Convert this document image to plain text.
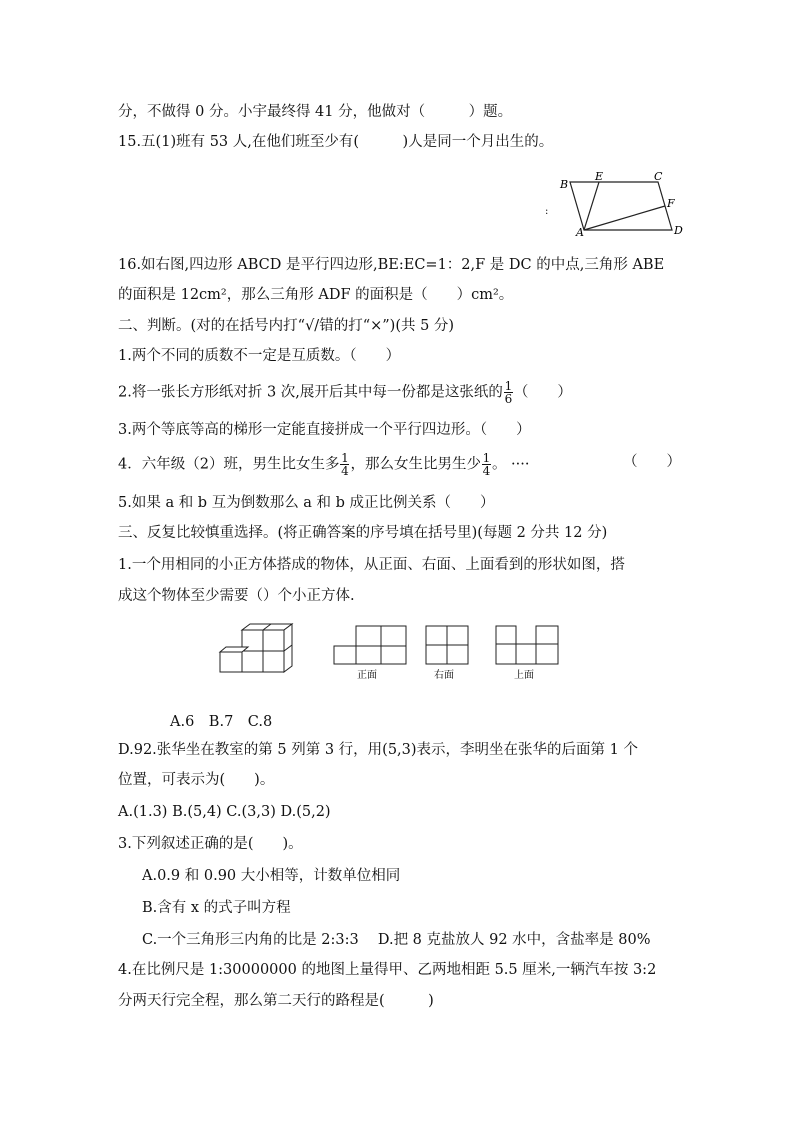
分，不做得 0 分。小宇最终得 41 分，他做对（　　　）题。
15.五(1)班有 53 人,在他们班至少有(　　　)人是同一个月出生的。
B
E	C
F
A	D
:
16.如右图,四边形 ABCD 是平行四边形,BE:EC=1：2,F 是 DC 的中点,三角形 ABE
的面积是 12cm²，那么三角形 ADF 的面积是（　　）cm²。
二、判断。(对的在括号内打“√/错的打“×”)(共 5 分)
1.两个不同的质数不一定是互质数。（　　）
2.将一张长方形纸对折 3 次,展开后其中每一份都是这张纸的 $\frac{1}{6}$ （　　）
3.两个等底等高的梯形一定能直接拼成一个平行四边形。（　　）
4．六年级（2）班，男生比女生多 $\frac{1}{4}$ ，那么女生比男生少 $\frac{1}{4}$ 。 ····	（　　）
5.如果 a 和 b 互为倒数那么 a 和 b 成正比例关系（　　）
三、反复比较慎重选择。(将正确答案的序号填在括号里)(每题 2 分共 12 分)
1.一个用相同的小正方体搭成的物体，从正面、右面、上面看到的形状如图，搭
成这个物体至少需要（）个小正方体.
正面	右面	上面
A.6　B.7　C.8
D.92.张华坐在教室的第 5 列第 3 行，用(5,3)表示，李明坐在张华的后面第 1 个
位置，可表示为(　　)。
A.(1.3) B.(5,4) C.(3,3) D.(5,2)
3.下列叙述正确的是(　　)。
A.0.9 和 0.90 大小相等，计数单位相同
B.含有 x 的式子叫方程
C.一个三角形三内角的比是 2:3:3　 D.把 8 克盐放人 92 水中，含盐率是 80%
4.在比例尺是 1:30000000 的地图上量得甲、乙两地相距 5.5 厘米,一辆汽车按 3:2
分两天行完全程，那么第二天行的路程是(　　　)
